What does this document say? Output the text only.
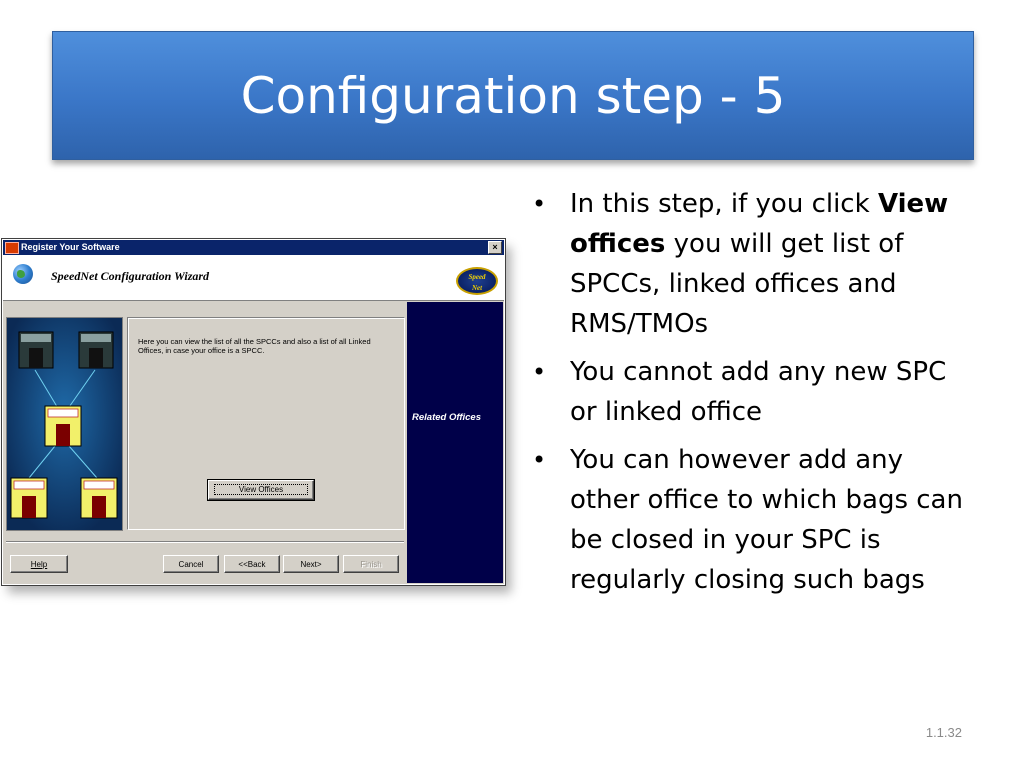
Configuration step - 5
Register Your Software	×
SpeedNet Configuration Wizard	Speed
Net
Here you can view the list of all the SPCCs and also a list of all Linked Offices, in case your office is a SPCC.
View Offices
Help	Cancel	<<Back	Next>	Finish
Related Offices
• In this step, if you click View offices you will get list of SPCCs, linked offices and RMS/TMOs
• You cannot add any new SPC or linked office
• You can however add any other office to which bags can be closed in your SPC is regularly closing such bags
1.1.32
